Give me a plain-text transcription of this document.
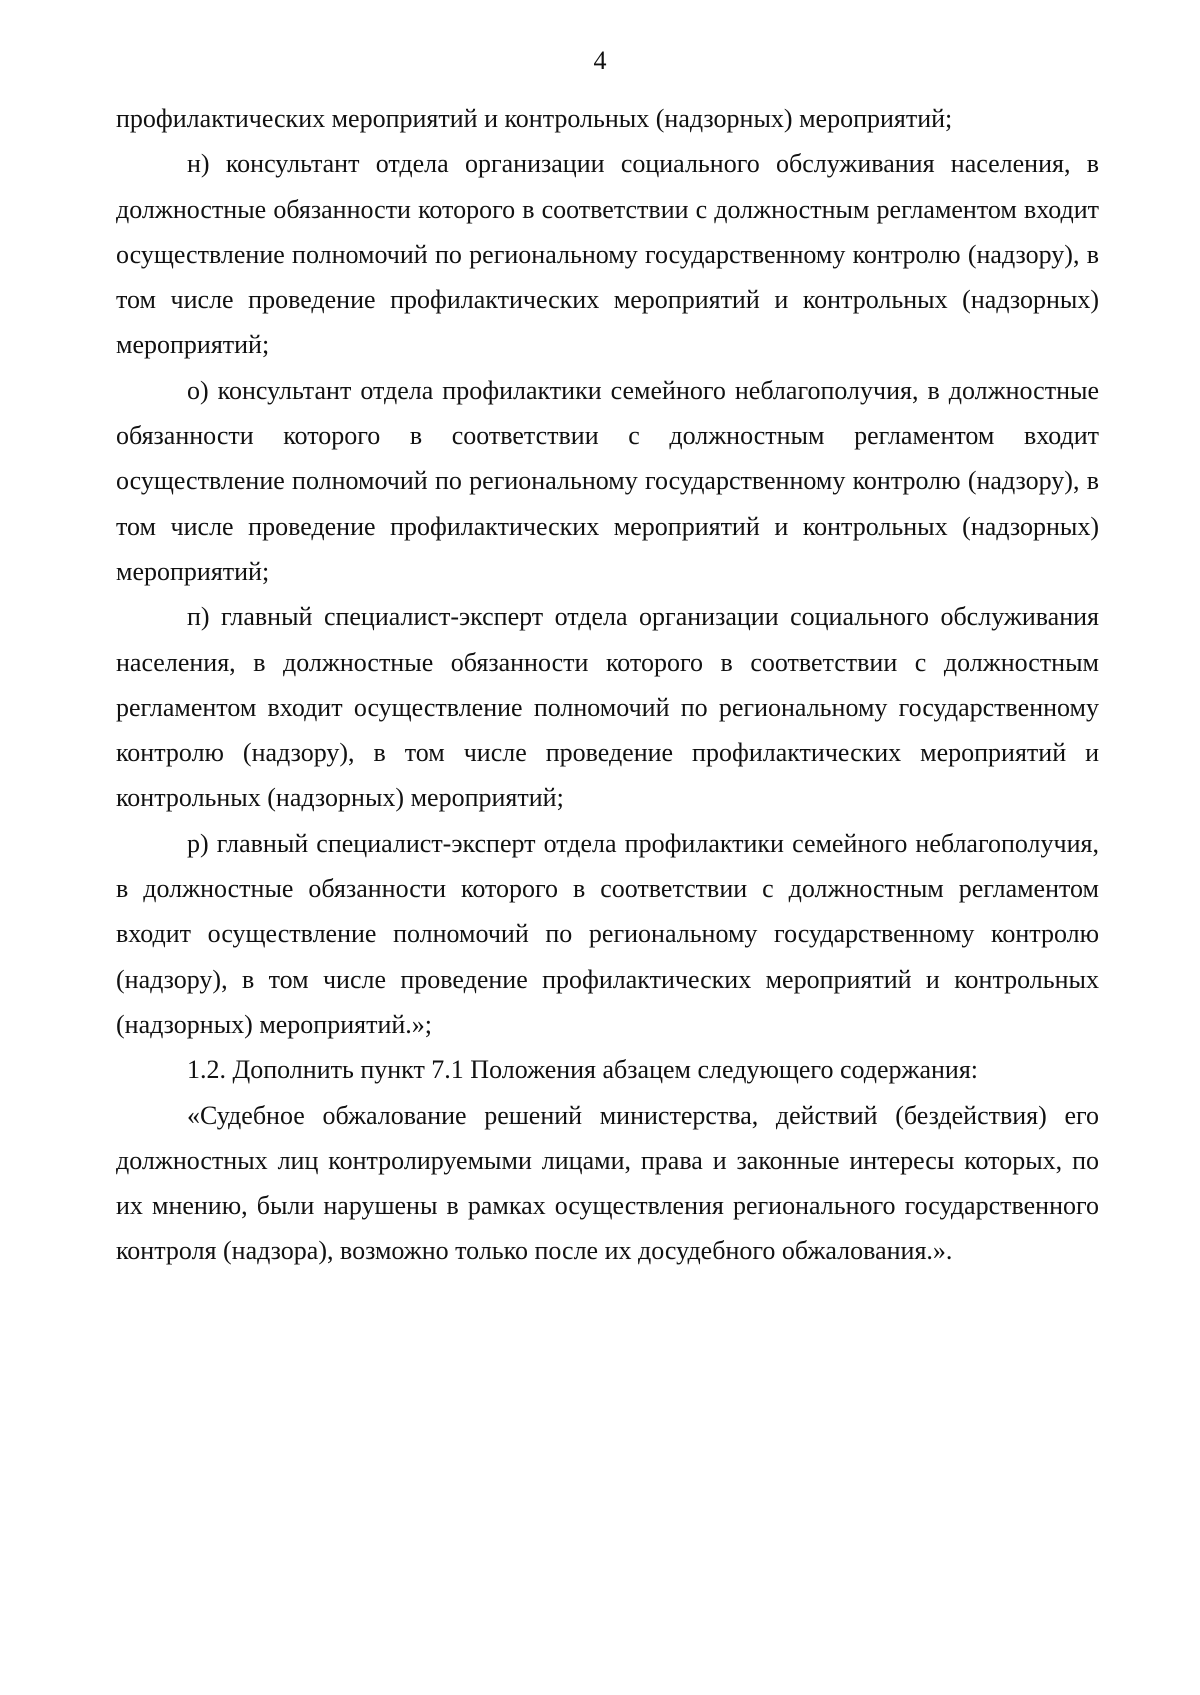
4

профилактических мероприятий и контрольных (надзорных) мероприятий;

н) консультант отдела организации социального обслуживания населения, в должностные обязанности которого в соответствии с должностным регламентом входит осуществление полномочий по региональному государственному контролю (надзору), в том числе проведение профилактических мероприятий и контрольных (надзорных) мероприятий;

о) консультант отдела профилактики семейного неблагополучия, в должностные обязанности которого в соответствии с должностным регламентом входит осуществление полномочий по региональному государственному контролю (надзору), в том числе проведение профилактических мероприятий и контрольных (надзорных) мероприятий;

п) главный специалист-эксперт отдела организации социального обслуживания населения, в должностные обязанности которого в соответствии с должностным регламентом входит осуществление полномочий по региональному государственному контролю (надзору), в том числе проведение профилактических мероприятий и контрольных (надзорных) мероприятий;

р) главный специалист-эксперт отдела профилактики семейного неблагополучия, в должностные обязанности которого в соответствии с должностным регламентом входит осуществление полномочий по региональному государственному контролю (надзору), в том числе проведение профилактических мероприятий и контрольных (надзорных) мероприятий.»;

1.2. Дополнить пункт 7.1 Положения абзацем следующего содержания:

«Судебное обжалование решений министерства, действий (бездействия) его должностных лиц контролируемыми лицами, права и законные интересы которых, по их мнению, были нарушены в рамках осуществления регионального государственного контроля (надзора), возможно только после их досудебного обжалования.».
